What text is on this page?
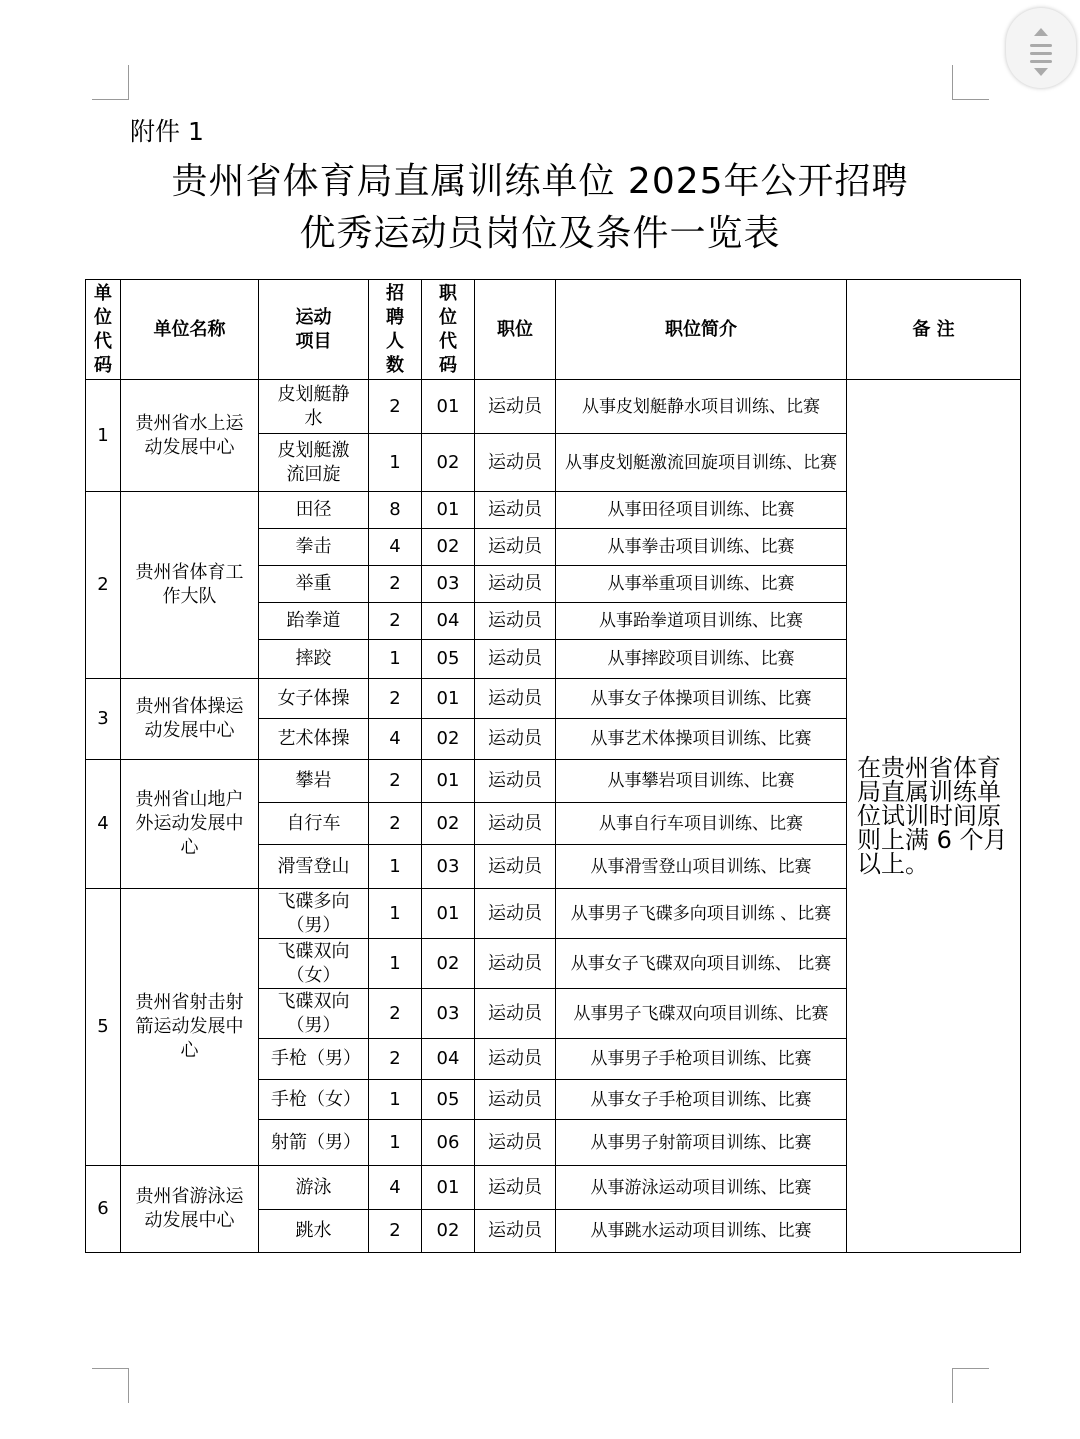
附件 1
贵州省体育局直属训练单位 2025年公开招聘
优秀运动员岗位及条件一览表
单位代码	单位名称	运动项目	招聘人数	职位代码	职位	职位简介	备 注
1	贵州省水上运动发展中心	皮划艇静水	2	01	运动员	从事皮划艇静水项目训练、比赛	在贵州省体育局直属训练单位试训时间原则上满 6 个月以上。
		皮划艇激流回旋	1	02	运动员	从事皮划艇激流回旋项目训练、比赛	
2	贵州省体育工作大队	田径	8	01	运动员	从事田径项目训练、比赛	
		拳击	4	02	运动员	从事拳击项目训练、比赛	
		举重	2	03	运动员	从事举重项目训练、比赛	
		跆拳道	2	04	运动员	从事跆拳道项目训练、比赛	
		摔跤	1	05	运动员	从事摔跤项目训练、比赛	
3	贵州省体操运动发展中心	女子体操	2	01	运动员	从事女子体操项目训练、比赛	
		艺术体操	4	02	运动员	从事艺术体操项目训练、比赛	
4	贵州省山地户外运动发展中心	攀岩	2	01	运动员	从事攀岩项目训练、比赛	
		自行车	2	02	运动员	从事自行车项目训练、比赛	
		滑雪登山	1	03	运动员	从事滑雪登山项目训练、比赛	
5	贵州省射击射箭运动发展中心	飞碟多向（男）	1	01	运动员	从事男子飞碟多向项目训练 、比赛	
		飞碟双向（女）	1	02	运动员	从事女子飞碟双向项目训练、 比赛	
		飞碟双向（男）	2	03	运动员	从事男子飞碟双向项目训练、比赛	
		手枪（男）	2	04	运动员	从事男子手枪项目训练、比赛	
		手枪（女）	1	05	运动员	从事女子手枪项目训练、比赛	
		射箭（男）	1	06	运动员	从事男子射箭项目训练、比赛	
6	贵州省游泳运动发展中心	游泳	4	01	运动员	从事游泳运动项目训练、比赛	
		跳水	2	02	运动员	从事跳水运动项目训练、比赛	
